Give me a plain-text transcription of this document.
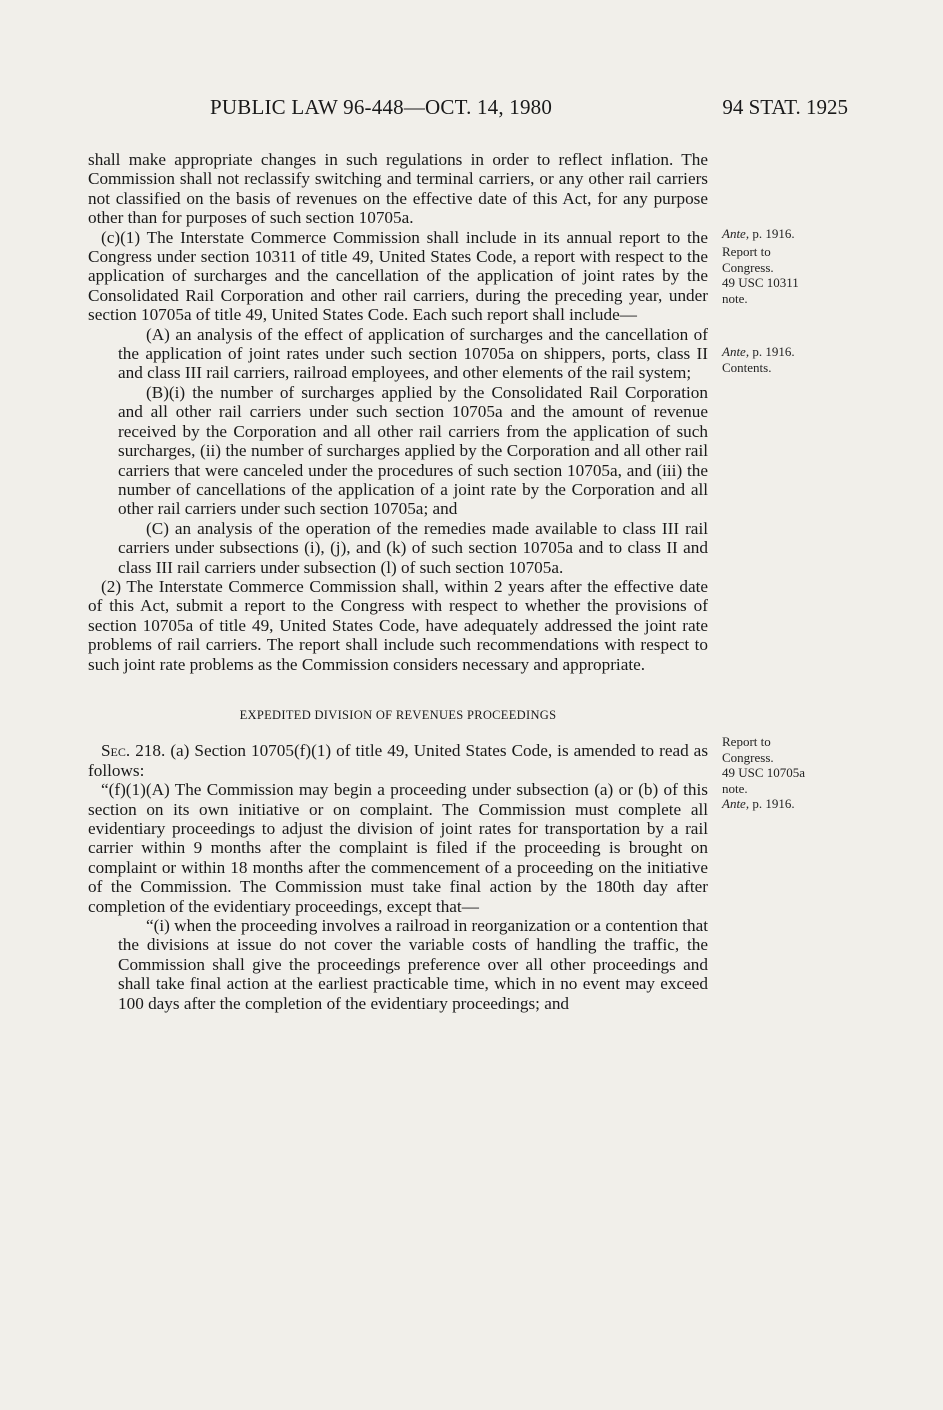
PUBLIC LAW 96-448—OCT. 14, 1980	94 STAT. 1925

shall make appropriate changes in such regulations in order to reflect inflation. The Commission shall not reclassify switching and terminal carriers, or any other rail carriers not classified on the basis of revenues on the effective date of this Act, for any purpose other than for purposes of such section 10705a.

(c)(1) The Interstate Commerce Commission shall include in its annual report to the Congress under section 10311 of title 49, United States Code, a report with respect to the application of surcharges and the cancellation of the application of joint rates by the Consolidated Rail Corporation and other rail carriers, during the preceding year, under section 10705a of title 49, United States Code. Each such report shall include—

(A) an analysis of the effect of application of surcharges and the cancellation of the application of joint rates under such section 10705a on shippers, ports, class II and class III rail carriers, railroad employees, and other elements of the rail system;

(B)(i) the number of surcharges applied by the Consolidated Rail Corporation and all other rail carriers under such section 10705a and the amount of revenue received by the Corporation and all other rail carriers from the application of such surcharges, (ii) the number of surcharges applied by the Corporation and all other rail carriers that were canceled under the procedures of such section 10705a, and (iii) the number of cancellations of the application of a joint rate by the Corporation and all other rail carriers under such section 10705a; and

(C) an analysis of the operation of the remedies made available to class III rail carriers under subsections (i), (j), and (k) of such section 10705a and to class II and class III rail carriers under subsection (l) of such section 10705a.

(2) The Interstate Commerce Commission shall, within 2 years after the effective date of this Act, submit a report to the Congress with respect to whether the provisions of section 10705a of title 49, United States Code, have adequately addressed the joint rate problems of rail carriers. The report shall include such recommendations with respect to such joint rate problems as the Commission considers necessary and appropriate.

EXPEDITED DIVISION OF REVENUES PROCEEDINGS

Sec. 218. (a) Section 10705(f)(1) of title 49, United States Code, is amended to read as follows:

“(f)(1)(A) The Commission may begin a proceeding under subsection (a) or (b) of this section on its own initiative or on complaint. The Commission must complete all evidentiary proceedings to adjust the division of joint rates for transportation by a rail carrier within 9 months after the complaint is filed if the proceeding is brought on complaint or within 18 months after the commencement of a proceeding on the initiative of the Commission. The Commission must take final action by the 180th day after completion of the evidentiary proceedings, except that—

“(i) when the proceeding involves a railroad in reorganization or a contention that the divisions at issue do not cover the variable costs of handling the traffic, the Commission shall give the proceedings preference over all other proceedings and shall take final action at the earliest practicable time, which in no event may exceed 100 days after the completion of the evidentiary proceedings; and

Ante, p. 1916.
Report to
Congress.
49 USC 10311
note.
Ante, p. 1916.
Contents.
Report to
Congress.
49 USC 10705a
note.
Ante, p. 1916.
